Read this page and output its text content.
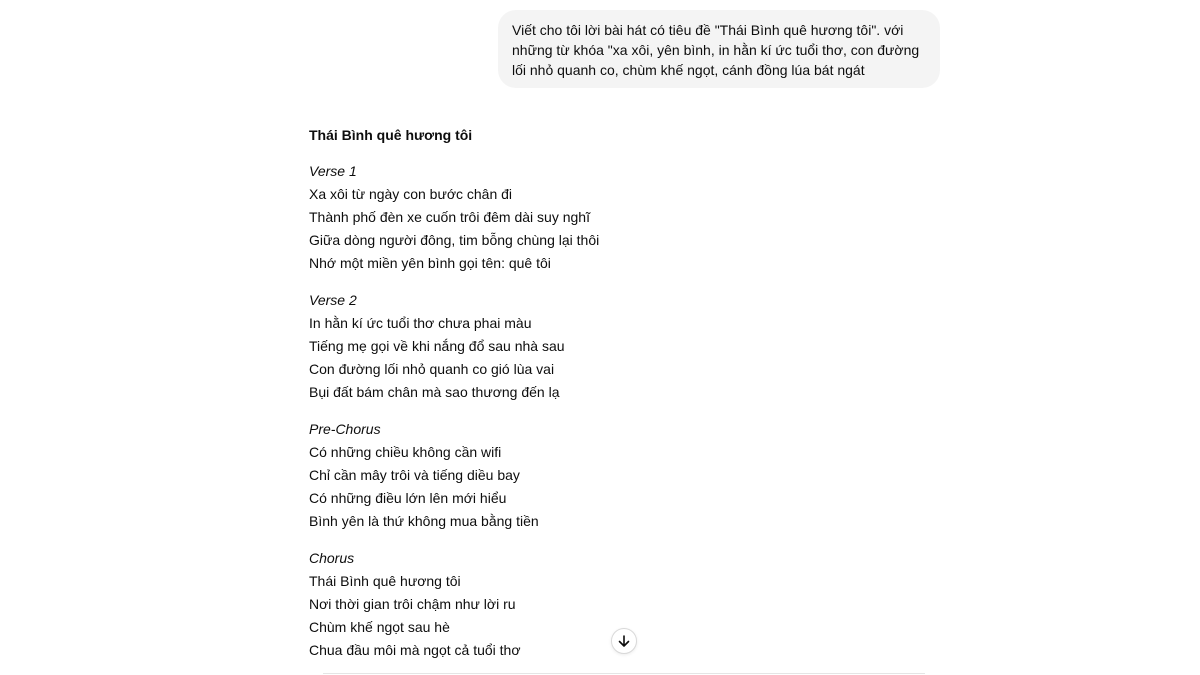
Viết cho tôi lời bài hát có tiêu đề "Thái Bình quê hương tôi". với những từ khóa "xa xôi, yên bình, in hằn kí ức tuổi thơ, con đường lối nhỏ quanh co, chùm khế ngọt, cánh đồng lúa bát ngát
Thái Bình quê hương tôi
Verse 1
Xa xôi từ ngày con bước chân đi
Thành phố đèn xe cuốn trôi đêm dài suy nghĩ
Giữa dòng người đông, tim bỗng chùng lại thôi
Nhớ một miền yên bình gọi tên: quê tôi
Verse 2
In hằn kí ức tuổi thơ chưa phai màu
Tiếng mẹ gọi về khi nắng đổ sau nhà sau
Con đường lối nhỏ quanh co gió lùa vai
Bụi đất bám chân mà sao thương đến lạ
Pre-Chorus
Có những chiều không cần wifi
Chỉ cần mây trôi và tiếng diều bay
Có những điều lớn lên mới hiểu
Bình yên là thứ không mua bằng tiền
Chorus
Thái Bình quê hương tôi
Nơi thời gian trôi chậm như lời ru
Chùm khế ngọt sau hè
Chua đầu môi mà ngọt cả tuổi thơ
